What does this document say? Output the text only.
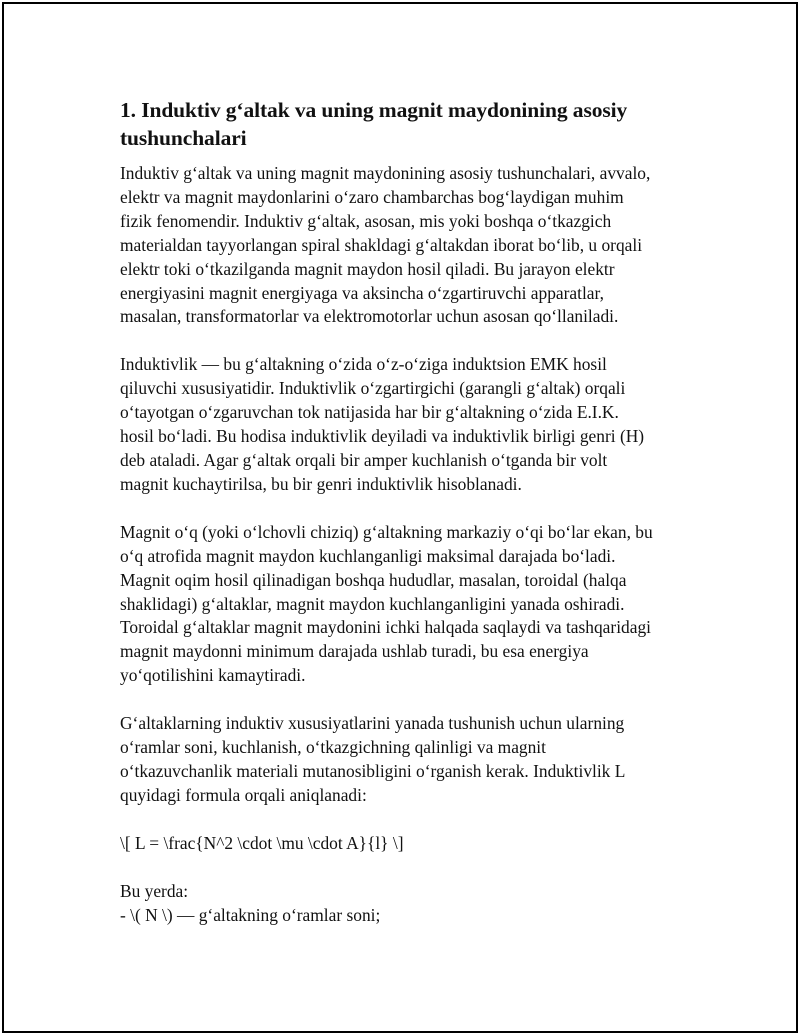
1. Induktiv g‘altak va uning magnit maydonining asosiy tushunchalari

Induktiv g‘altak va uning magnit maydonining asosiy tushunchalari, avvalo,
elektr va magnit maydonlarini o‘zaro chambarchas bog‘laydigan muhim
fizik fenomendir. Induktiv g‘altak, asosan, mis yoki boshqa o‘tkazgich
materialdan tayyorlangan spiral shakldagi g‘altakdan iborat bo‘lib, u orqali
elektr toki o‘tkazilganda magnit maydon hosil qiladi. Bu jarayon elektr
energiyasini magnit energiyaga va aksincha o‘zgartiruvchi apparatlar,
masalan, transformatorlar va elektromotorlar uchun asosan qo‘llaniladi.

Induktivlik — bu g‘altakning o‘zida o‘z-o‘ziga induktsion EMK hosil
qiluvchi xususiyatidir. Induktivlik o‘zgartirgichi (garangli g‘altak) orqali
o‘tayotgan o‘zgaruvchan tok natijasida har bir g‘altakning o‘zida E.I.K.
hosil bo‘ladi. Bu hodisa induktivlik deyiladi va induktivlik birligi genri (H)
deb ataladi. Agar g‘altak orqali bir amper kuchlanish o‘tganda bir volt
magnit kuchaytirilsa, bu bir genri induktivlik hisoblanadi.

Magnit o‘q (yoki o‘lchovli chiziq) g‘altakning markaziy o‘qi bo‘lar ekan, bu
o‘q atrofida magnit maydon kuchlanganligi maksimal darajada bo‘ladi.
Magnit oqim hosil qilinadigan boshqa hududlar, masalan, toroidal (halqa
shaklidagi) g‘altaklar, magnit maydon kuchlanganligini yanada oshiradi.
Toroidal g‘altaklar magnit maydonini ichki halqada saqlaydi va tashqaridagi
magnit maydonni minimum darajada ushlab turadi, bu esa energiya
yo‘qotilishini kamaytiradi.

G‘altaklarning induktiv xususiyatlarini yanada tushunish uchun ularning
o‘ramlar soni, kuchlanish, o‘tkazgichning qalinligi va magnit
o‘tkazuvchanlik materiali mutanosibligini o‘rganish kerak. Induktivlik L
quyidagi formula orqali aniqlanadi:

\[ L = \frac{N^2 \cdot \mu \cdot A}{l} \]

Bu yerda:
- \( N \) — g‘altakning o‘ramlar soni;
